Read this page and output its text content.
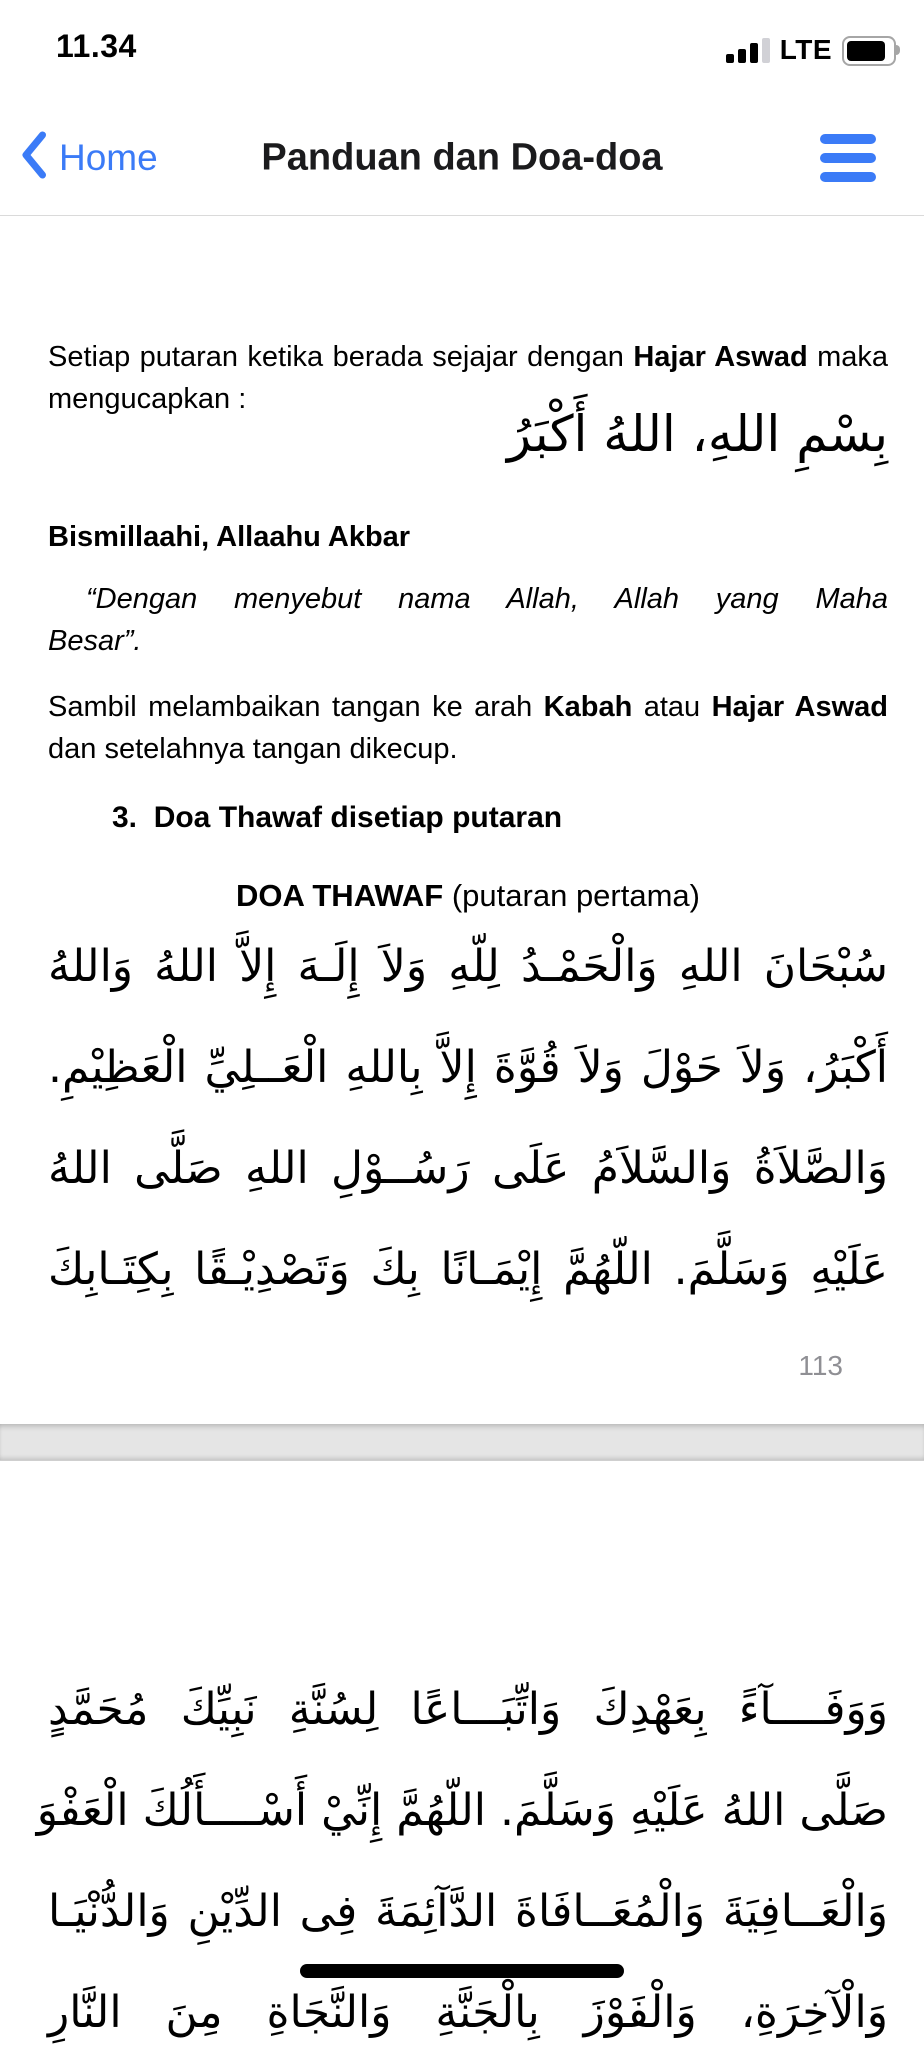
11.34	LTE
Home	Panduan dan Doa-doa
Setiap putaran ketika berada sejajar dengan Hajar Aswad maka mengucapkan :
بِسْمِ اللهِ، اللهُ أَكْبَرُ
Bismillaahi, Allaahu Akbar
“Dengan menyebut nama Allah, Allah yang Maha
Besar”.
Sambil melambaikan tangan ke arah Kabah atau Hajar Aswad dan setelahnya tangan dikecup.
3.  Doa Thawaf disetiap putaran
DOA THAWAF (putaran pertama)
سُبْحَانَ اللهِ وَالْحَمْـدُ لِلّهِ وَلاَ إِلَـهَ إِلاَّ اللهُ وَاللهُ
أَكْبَرُ، وَلاَ حَوْلَ وَلاَ قُوَّةَ إِلاَّ بِاللهِ الْعَــلِيِّ الْعَظِيْمِ.
وَالصَّلاَةُ وَالسَّلاَمُ عَلَى رَسُــوْلِ اللهِ صَلَّى اللهُ
عَلَيْهِ وَسَلَّمَ. اللّهُمَّ إِيْمَـانًا بِكَ وَتَصْدِيْـقًا بِكِتَـابِكَ
113
وَوَفَــــآءً بِعَهْدِكَ وَاتِّبَـــاعًا لِسُنَّةِ نَبِيِّكَ مُحَمَّدٍ
صَلَّى اللهُ عَلَيْهِ وَسَلَّمَ. اللّهُمَّ إِنِّيْ أَسْــــأَلُكَ الْعَفْوَ
وَالْعَــافِيَةَ وَالْمُعَــافَاةَ الدَّآئِمَةَ فِى الدِّيْنِ وَالدُّنْيَـا
وَالْآخِرَةِ، وَالْفَوْزَ بِالْجَنَّةِ وَالنَّجَاةِ مِنَ النَّارِ
